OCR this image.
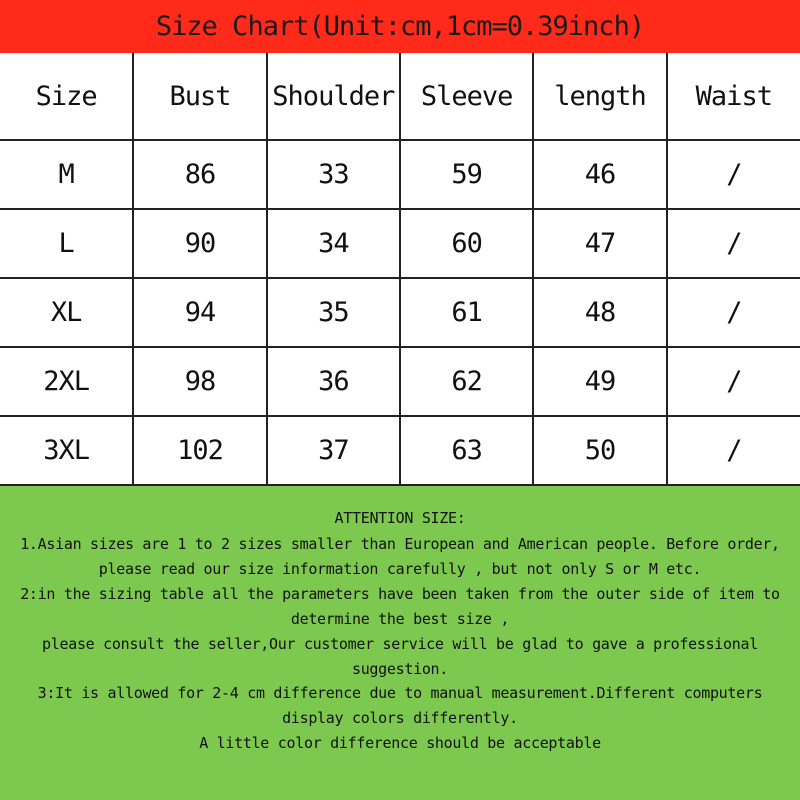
Size Chart(Unit:cm,1cm=0.39inch)
Size	Bust	Shoulder	Sleeve	length	Waist
M	86	33	59	46	/
L	90	34	60	47	/
XL	94	35	61	48	/
2XL	98	36	62	49	/
3XL	102	37	63	50	/
ATTENTION SIZE:
1.Asian sizes are 1 to 2 sizes smaller than European and American people. Before order,
please read our size information carefully , but not only S or M etc.
2:in the sizing table all the parameters have been taken from the outer side of item to
determine the best size ,
please consult the seller,Our customer service will be glad to gave a professional
suggestion.
3:It is allowed for 2-4 cm difference due to manual measurement.Different computers
display colors differently.
A little color difference should be acceptable
